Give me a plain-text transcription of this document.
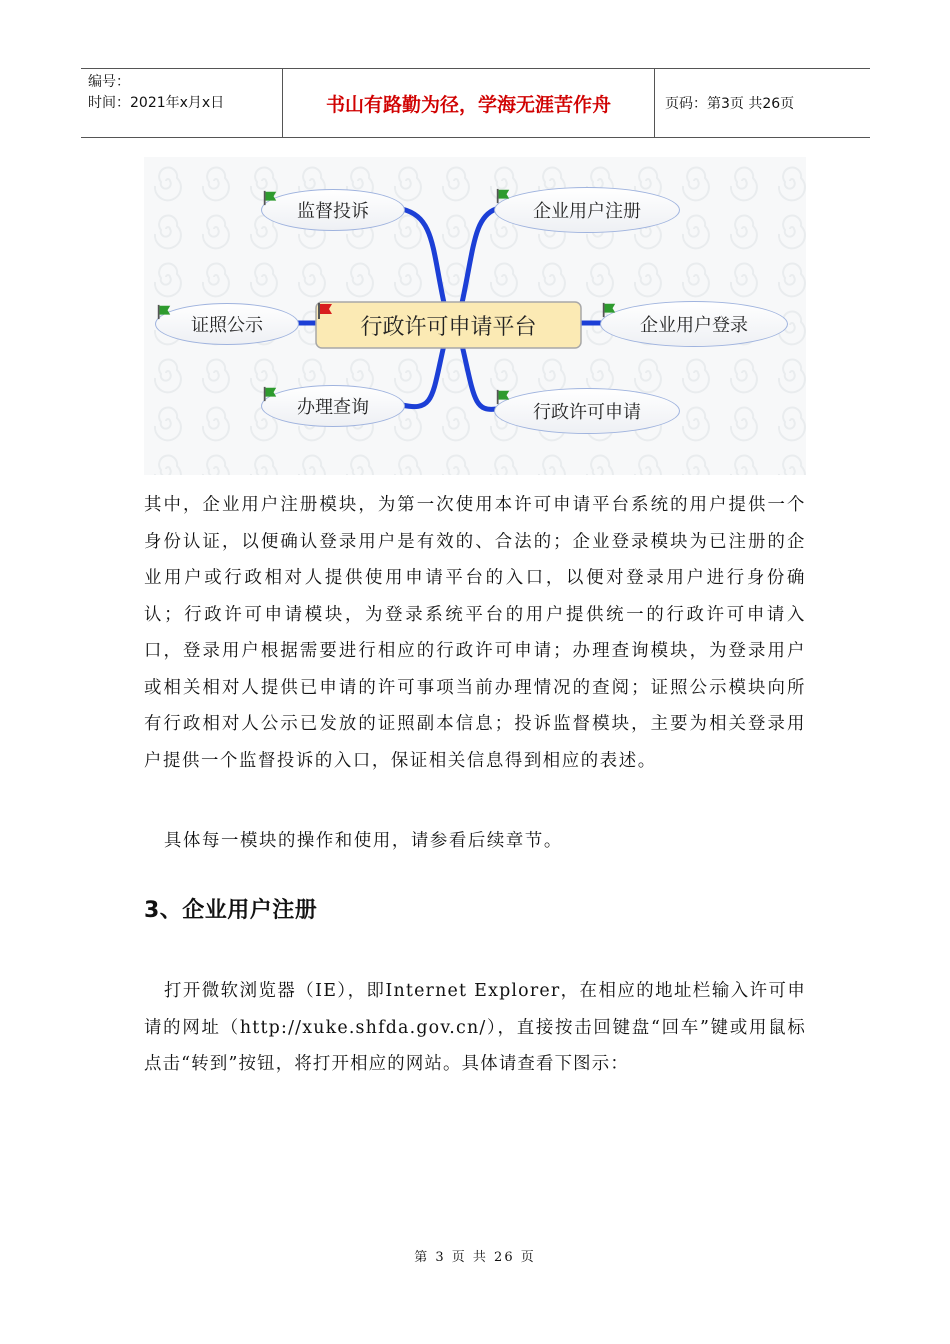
编号：
时间：2021年x月x日	书山有路勤为径，学海无涯苦作舟	页码：第3页 共26页
行政许可申请平台
监督投诉
证照公示
办理查询
企业用户注册
企业用户登录
行政许可申请

其中，企业用户注册模块，为第一次使用本许可申请平台系统的用户提供一个身份认证，以便确认登录用户是有效的、合法的；企业登录模块为已注册的企业用户或行政相对人提供使用申请平台的入口，以便对登录用户进行身份确认；行政许可申请模块，为登录系统平台的用户提供统一的行政许可申请入口，登录用户根据需要进行相应的行政许可申请；办理查询模块，为登录用户或相关相对人提供已申请的许可事项当前办理情况的查阅；证照公示模块向所有行政相对人公示已发放的证照副本信息；投诉监督模块，主要为相关登录用户提供一个监督投诉的入口，保证相关信息得到相应的表述。

具体每一模块的操作和使用，请参看后续章节。

3、企业用户注册

打开微软浏览器（IE），即Internet Explorer，在相应的地址栏输入许可申请的网址（http://xuke.shfda.gov.cn/），直接按击回键盘“回车”键或用鼠标点击“转到”按钮，将打开相应的网站。具体请查看下图示：

第 3 页 共 26 页
